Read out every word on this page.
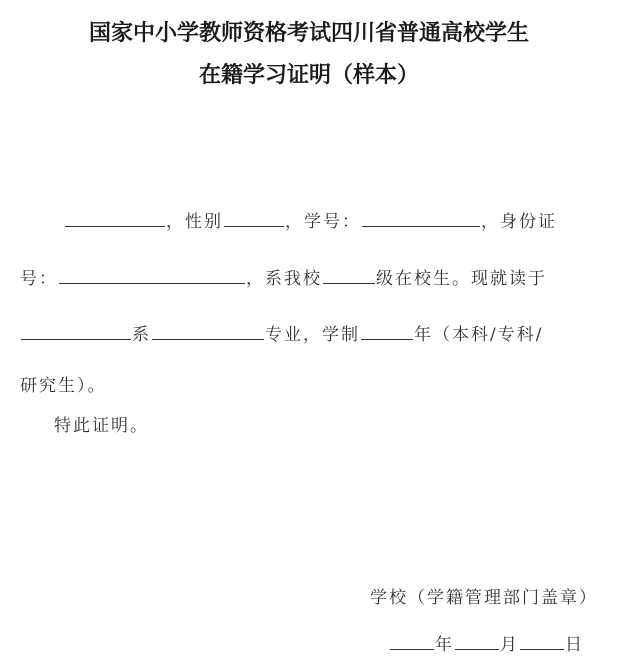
国家中小学教师资格考试四川省普通高校学生
在籍学习证明（样本）
，性别	，学号：	，身份证
号：	，系我校	级在校生。现就读于
系	专业，学制	年（本科/专科/
研究生）。
特此证明。
学校（学籍管理部门盖章）
年	月	日
